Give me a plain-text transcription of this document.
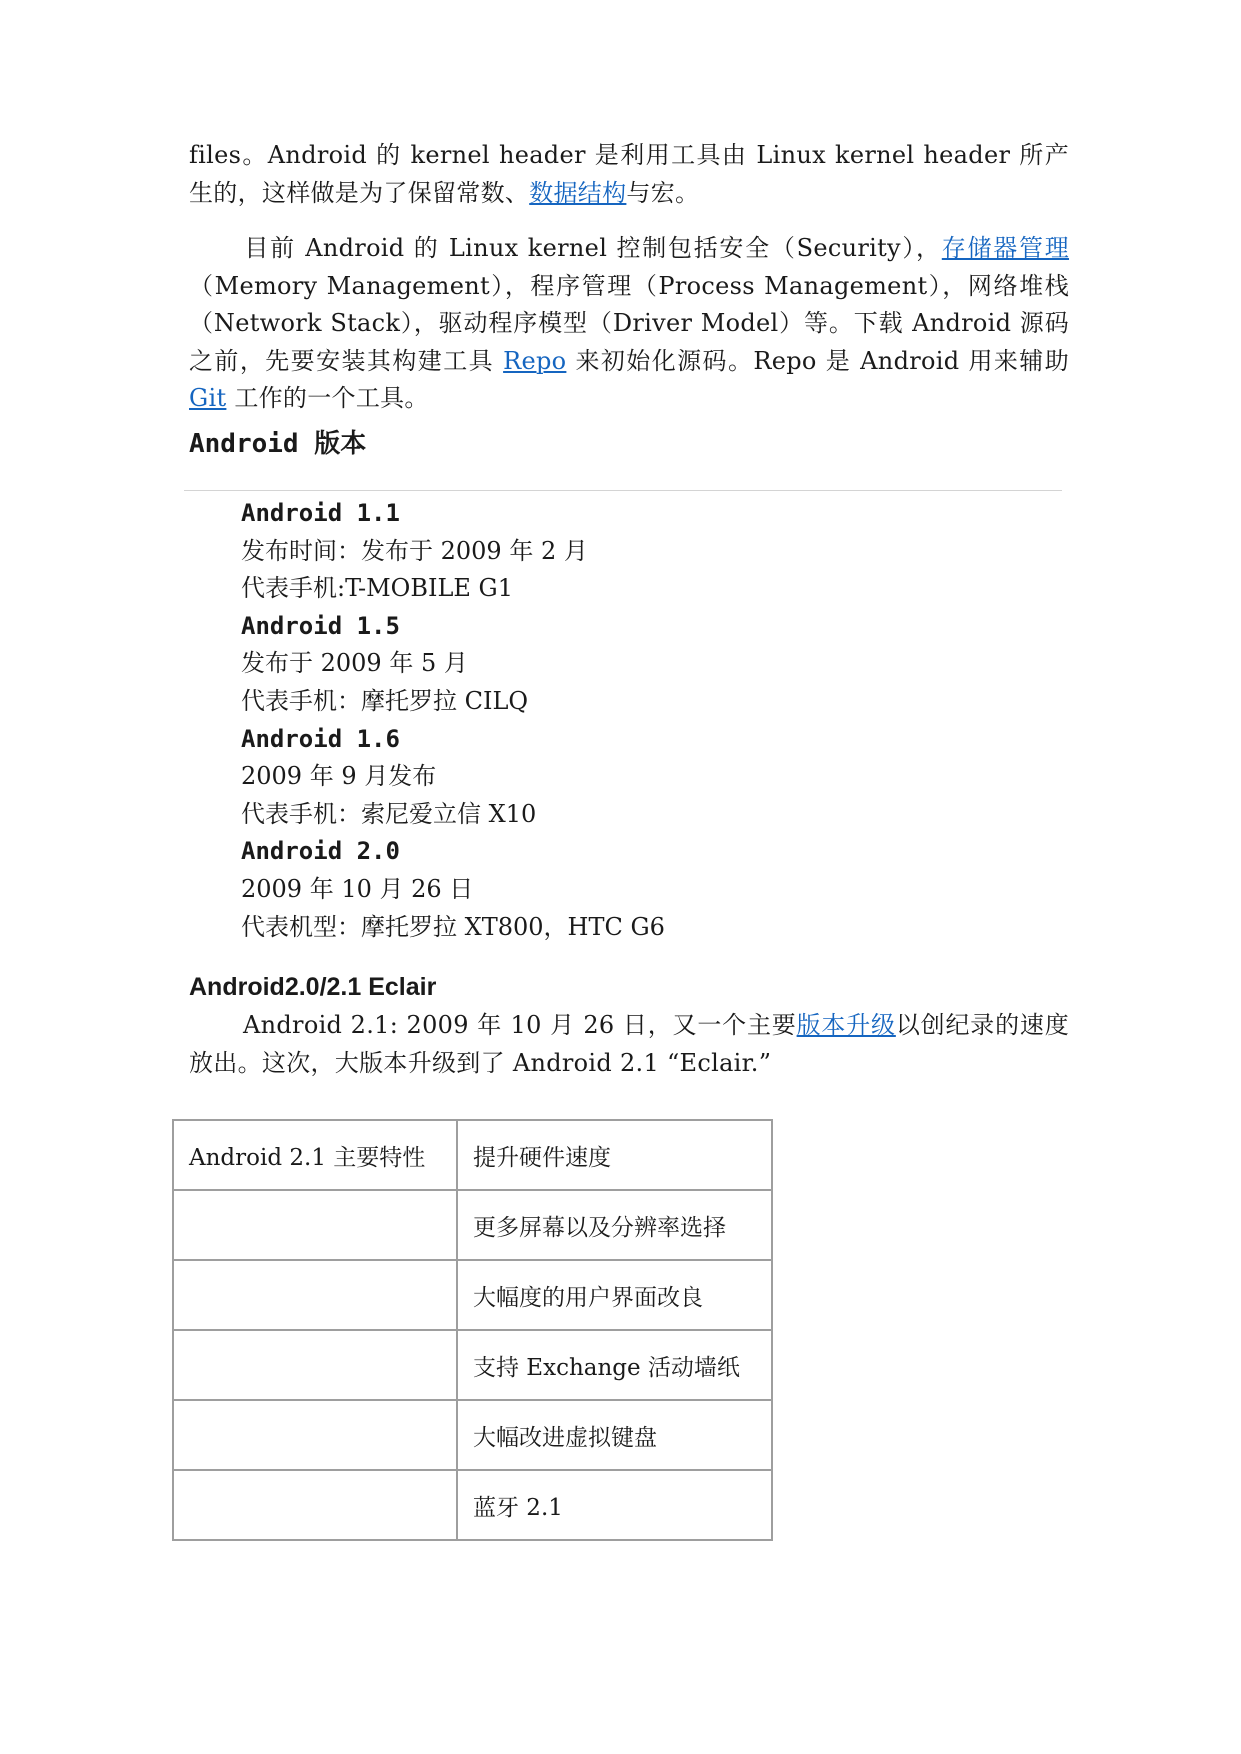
files。Android 的 kernel header 是利用工具由 Linux kernel header 所产生的，这样做是为了保留常数、数据结构与宏。

目前 Android 的 Linux kernel 控制包括安全（Security），存储器管理（Memory Management），程序管理（Process Management），网络堆栈（Network Stack），驱动程序模型（Driver Model）等。下载 Android 源码之前，先要安装其构建工具 Repo 来初始化源码。Repo 是 Android 用来辅助 Git 工作的一个工具。

Android 版本
Android 1.1
发布时间：发布于 2009 年 2 月
代表手机:T-MOBILE G1
Android 1.5
发布于 2009 年 5 月
代表手机：摩托罗拉 CILQ
Android 1.6
2009 年 9 月发布
代表手机：索尼爱立信 X10
Android 2.0
2009 年 10 月 26 日
代表机型：摩托罗拉 XT800，HTC G6
Android2.0/2.1 Eclair

Android 2.1: 2009 年 10 月 26 日，又一个主要版本升级以创纪录的速度放出。这次，大版本升级到了 Android 2.1 “Eclair.”

Android 2.1 主要特性	提升硬件速度
	更多屏幕以及分辨率选择
	大幅度的用户界面改良
	支持 Exchange 活动墙纸
	大幅改进虚拟键盘
	蓝牙 2.1
